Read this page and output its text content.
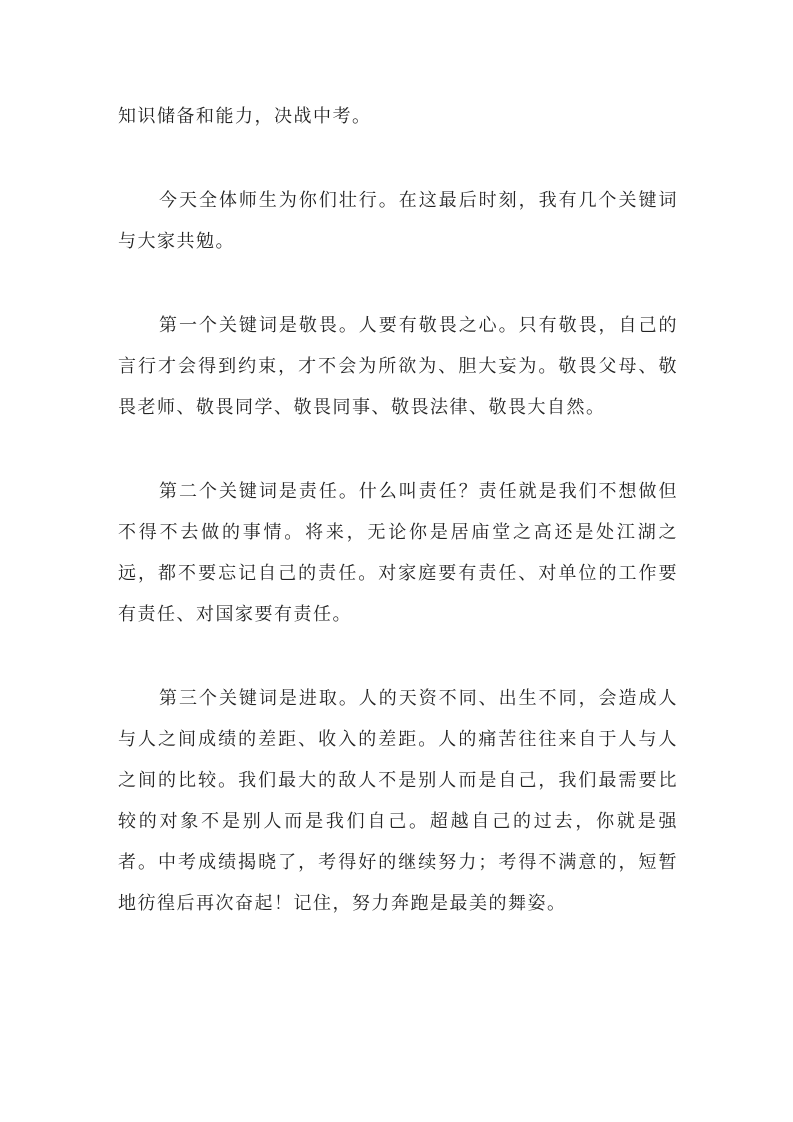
知识储备和能力，决战中考。

今天全体师生为你们壮行。在这最后时刻，我有几个关键词与大家共勉。

第一个关键词是敬畏。人要有敬畏之心。只有敬畏，自己的言行才会得到约束，才不会为所欲为、胆大妄为。敬畏父母、敬畏老师、敬畏同学、敬畏同事、敬畏法律、敬畏大自然。

第二个关键词是责任。什么叫责任？责任就是我们不想做但不得不去做的事情。将来，无论你是居庙堂之高还是处江湖之远，都不要忘记自己的责任。对家庭要有责任、对单位的工作要有责任、对国家要有责任。

第三个关键词是进取。人的天资不同、出生不同，会造成人与人之间成绩的差距、收入的差距。人的痛苦往往来自于人与人之间的比较。我们最大的敌人不是别人而是自己，我们最需要比较的对象不是别人而是我们自己。超越自己的过去，你就是强者。中考成绩揭晓了，考得好的继续努力；考得不满意的，短暂地彷徨后再次奋起！记住，努力奔跑是最美的舞姿。
